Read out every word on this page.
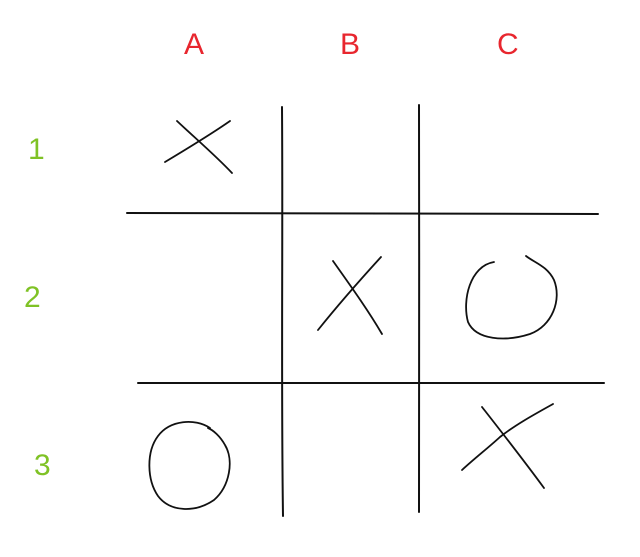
A	B	C
1
2
3
